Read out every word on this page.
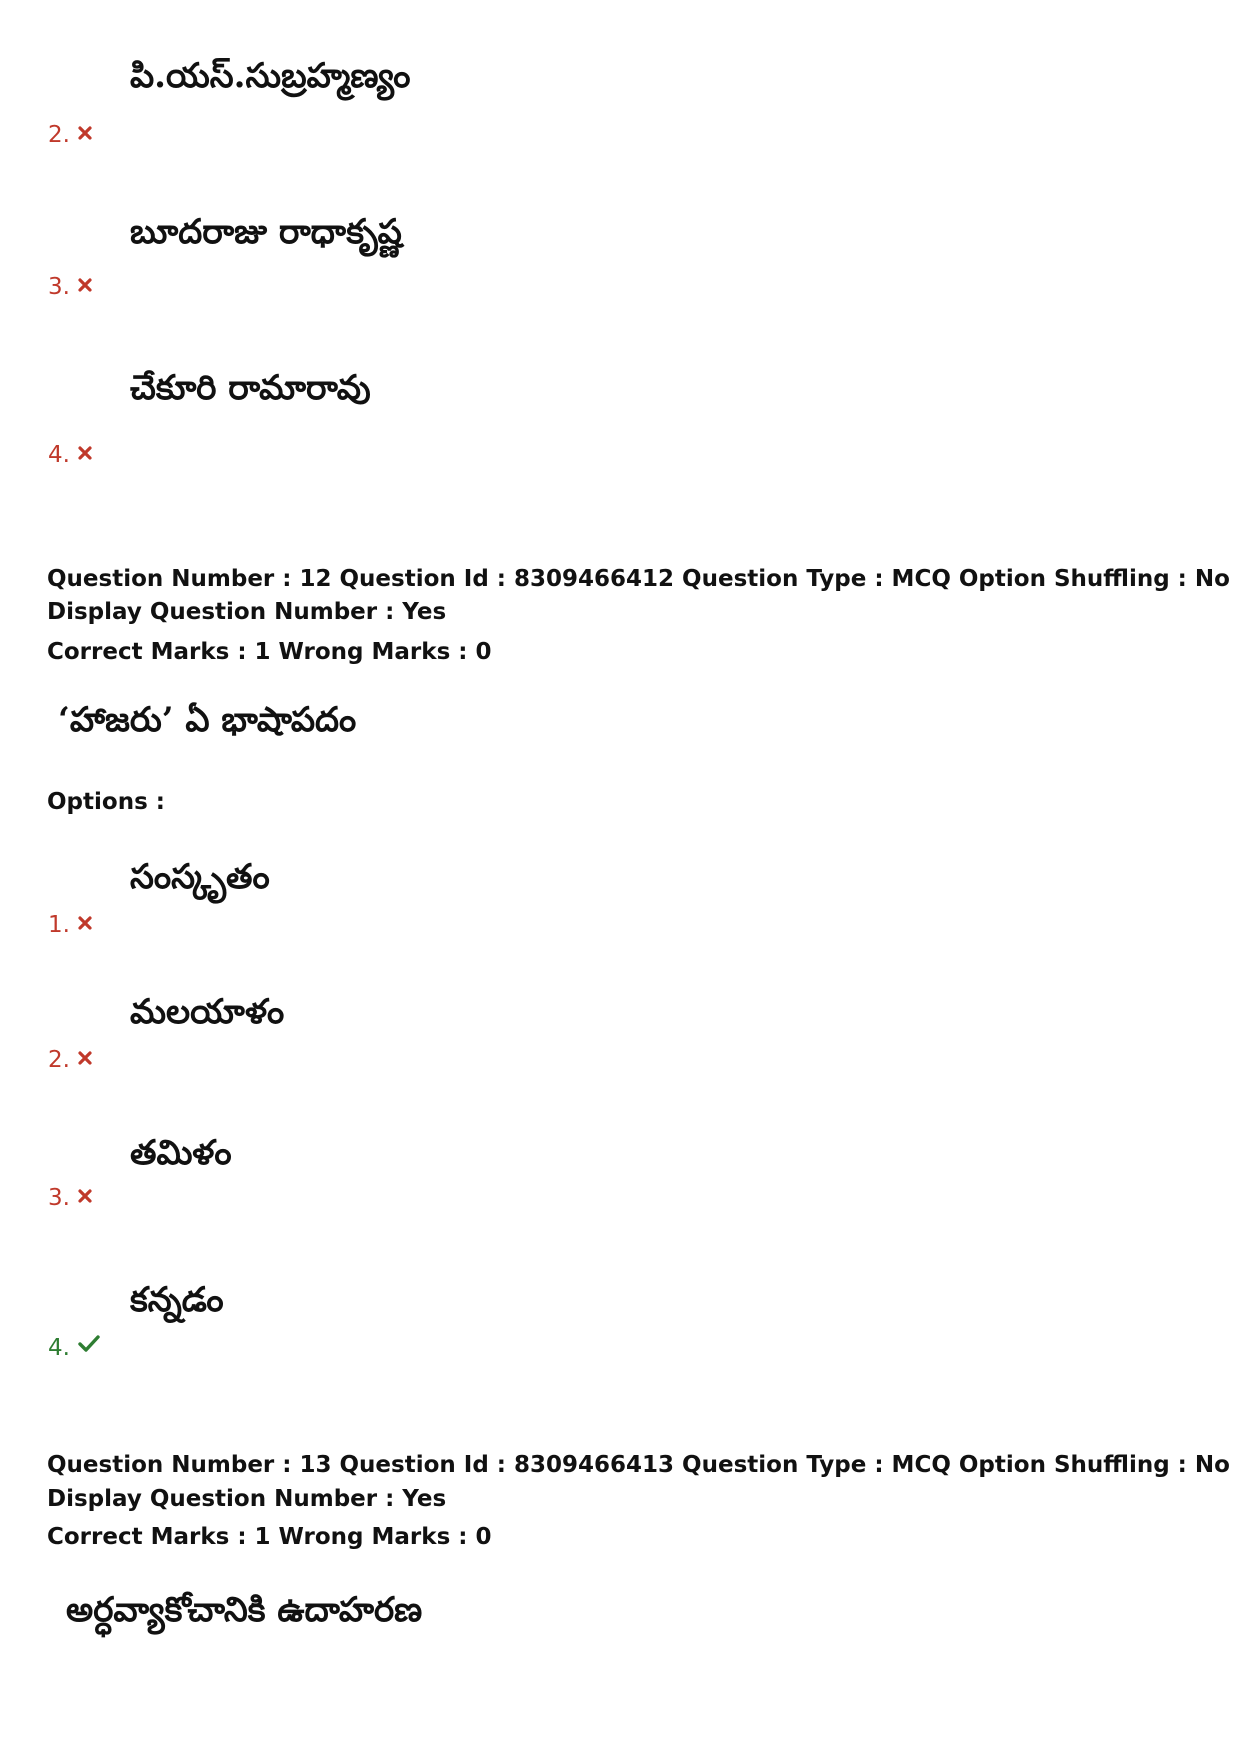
పి.యస్.సుబ్రహ్మణ్యం
2.
బూదరాజు రాధాకృష్ణ
3.
చేకూరి రామారావు
4.
Question Number : 12 Question Id : 8309466412 Question Type : MCQ Option Shuffling : No
Display Question Number : Yes
Correct Marks : 1 Wrong Marks : 0
‘హాజరు’ ఏ భాషాపదం
Options :
సంస్కృతం
1.
మలయాళం
2.
తమిళం
3.
కన్నడం
4.
Question Number : 13 Question Id : 8309466413 Question Type : MCQ Option Shuffling : No
Display Question Number : Yes
Correct Marks : 1 Wrong Marks : 0
అర్ధవ్యాకోచానికి ఉదాహరణ
